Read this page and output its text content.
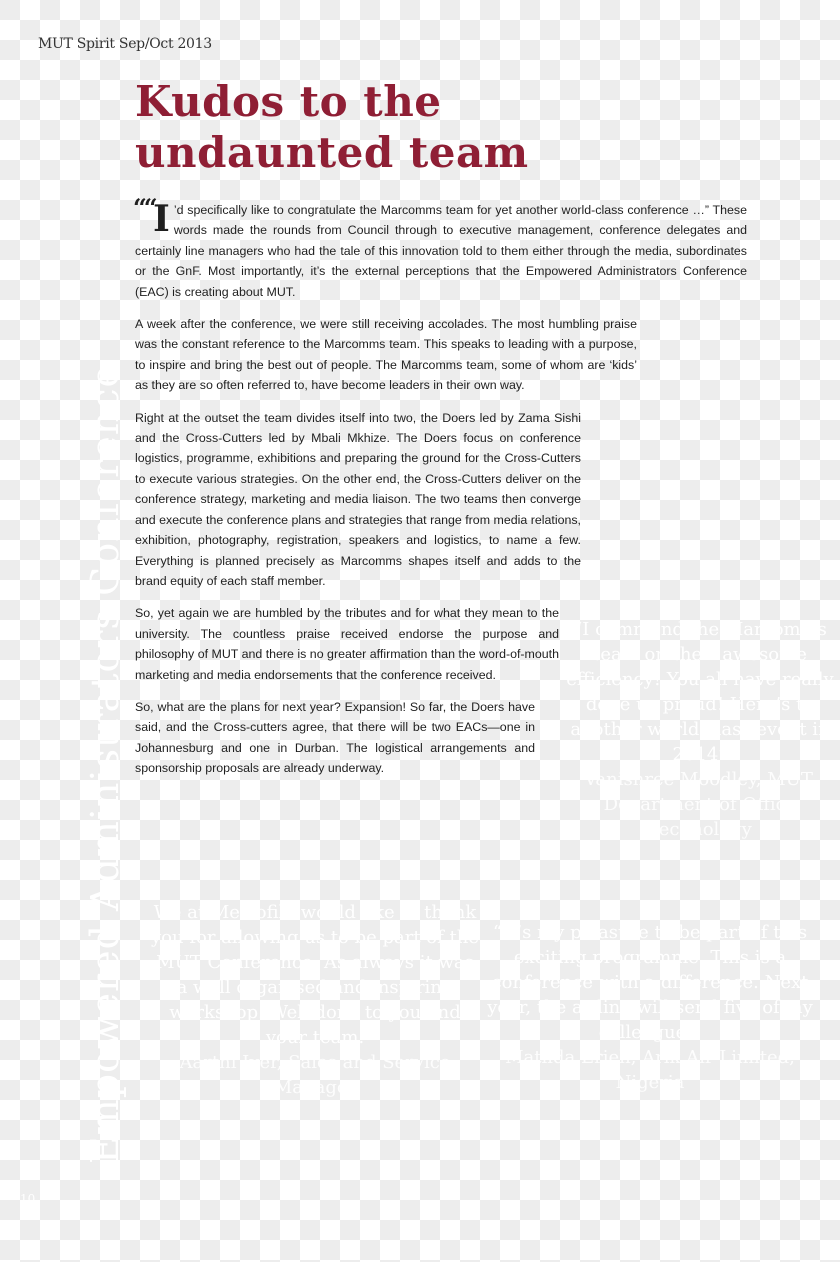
MUT Spirit Sep/Oct 2013
Kudos to the
undaunted team
Empowered Administrators Conference
““
I ’d specifically like to congratulate the Marcomms team for yet another world-class conference …” These words made the rounds from Council through to executive management, conference delegates and certainly line managers who had the tale of this innovation told to them either through the media, subordinates or the GnF. Most importantly, it’s the external perceptions that the Empowered Administrators Conference (EAC) is creating about MUT.

A week after the conference, we were still receiving accolades. The most humbling praise was the constant reference to the Marcomms team. This speaks to leading with a purpose, to inspire and bring the best out of people. The Marcomms team, some of whom are ‘kids’ as they are so often referred to, have become leaders in their own way.

Right at the outset the team divides itself into two, the Doers led by Zama Sishi and the Cross-Cutters led by Mbali Mkhize. The Doers focus on conference logistics, programme, exhibitions and preparing the ground for the Cross-Cutters to execute various strategies. On the other end, the Cross-Cutters deliver on the conference strategy, marketing and media liaison. The two teams then converge and execute the conference plans and strategies that range from media relations, exhibition, photography, registration, speakers and logistics, to name a few. Everything is planned precisely as Marcomms shapes itself and adds to the brand equity of each staff member.

So, yet again we are humbled by the tributes and for what they mean to the university. The countless praise received endorse the purpose and philosophy of MUT and there is no greater affirmation than the word-of-mouth marketing and media endorsements that the conference received.

So, what are the plans for next year? Expansion! So far, the Doers have said, and the Cross-cutters agree, that there will be two EACs—one in Johannesburg and one in Durban. The logistical arrangements and sponsorship proposals are already underway.

“I commend the Marcomms team on their awesome efficiency! You all have really done us proud! Here’s to another world-class event in 2014”
Vanishree Moodley, MUT, Department of Office Technology
We at Metrofile would like to thank you for allowing us to be part of the MUT Conference. As always it was a well organised and inspiring workshop. Well done to you and your team.
Aarthi Iyer, Sales and Service Manager
“It’s my pleasure to be part of this exciting programme. This is a conference with a difference. Next year, the airline will send five of my colleagues.
Matilda Erieh, Arik Air Limited, Nigeria
10
